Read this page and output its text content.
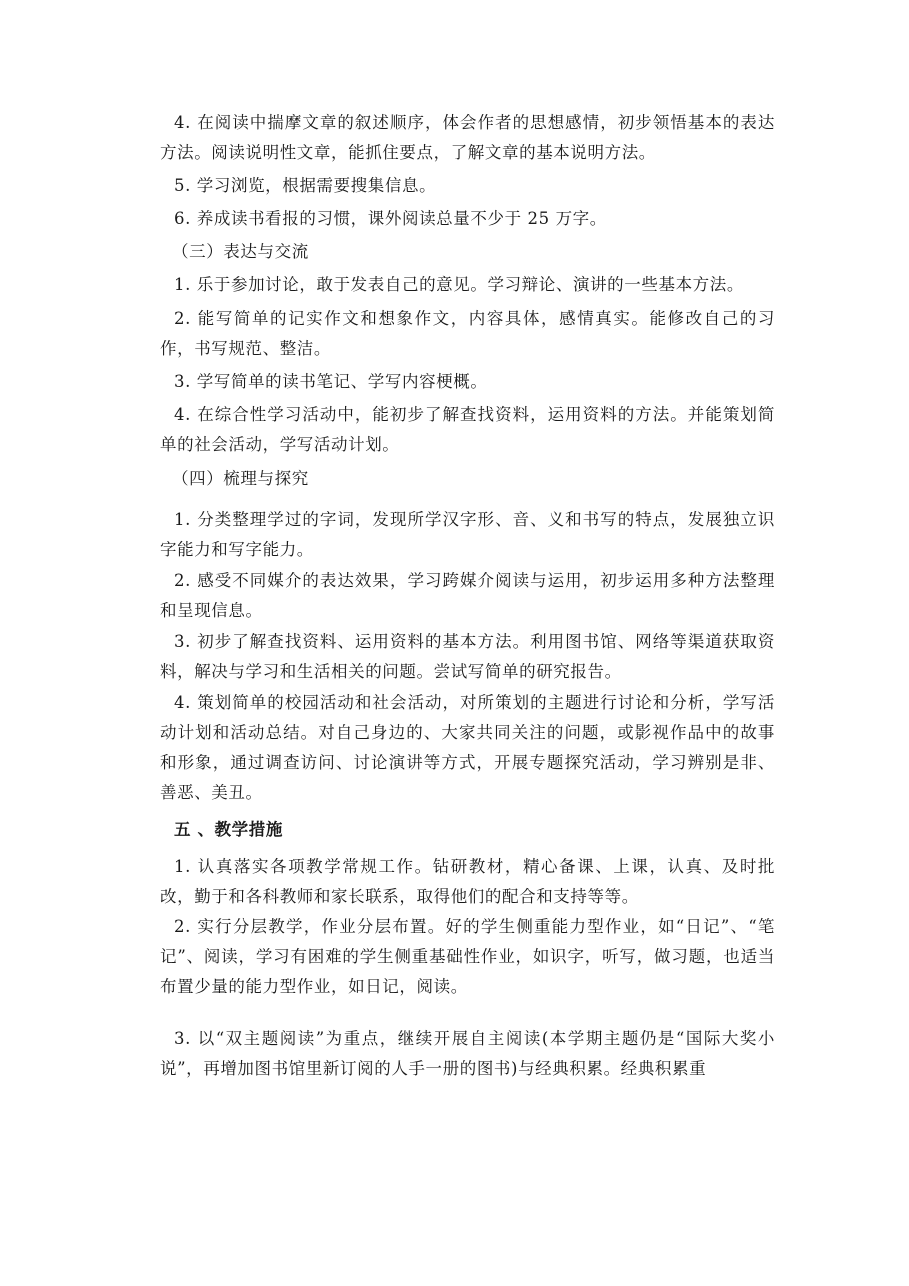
4. 在阅读中揣摩文章的叙述顺序，体会作者的思想感情，初步领悟基本的表达方法。阅读说明性文章，能抓住要点，了解文章的基本说明方法。

5. 学习浏览，根据需要搜集信息。

6. 养成读书看报的习惯，课外阅读总量不少于 25 万字。

（三）表达与交流

1. 乐于参加讨论，敢于发表自己的意见。学习辩论、演讲的一些基本方法。

2. 能写简单的记实作文和想象作文，内容具体，感情真实。能修改自己的习作，书写规范、整洁。

3. 学写简单的读书笔记、学写内容梗概。

4. 在综合性学习活动中，能初步了解查找资料，运用资料的方法。并能策划简单的社会活动，学写活动计划。

（四）梳理与探究

1. 分类整理学过的字词，发现所学汉字形、音、义和书写的特点，发展独立识字能力和写字能力。

2. 感受不同媒介的表达效果，学习跨媒介阅读与运用，初步运用多种方法整理和呈现信息。

3. 初步了解查找资料、运用资料的基本方法。利用图书馆、网络等渠道获取资料，解决与学习和生活相关的问题。尝试写简单的研究报告。

4. 策划简单的校园活动和社会活动，对所策划的主题进行讨论和分析，学写活动计划和活动总结。对自己身边的、大家共同关注的问题，或影视作品中的故事和形象，通过调查访问、讨论演讲等方式，开展专题探究活动，学习辨别是非、善恶、美丑。

五 、教学措施

1. 认真落实各项教学常规工作。钻研教材，精心备课、上课，认真、及时批改，勤于和各科教师和家长联系，取得他们的配合和支持等等。

2. 实行分层教学，作业分层布置。好的学生侧重能力型作业，如“日记”、“笔记”、阅读，学习有困难的学生侧重基础性作业，如识字，听写，做习题，也适当布置少量的能力型作业，如日记，阅读。

3. 以“双主题阅读”为重点，继续开展自主阅读(本学期主题仍是“国际大奖小说”，再增加图书馆里新订阅的人手一册的图书)与经典积累。经典积累重
